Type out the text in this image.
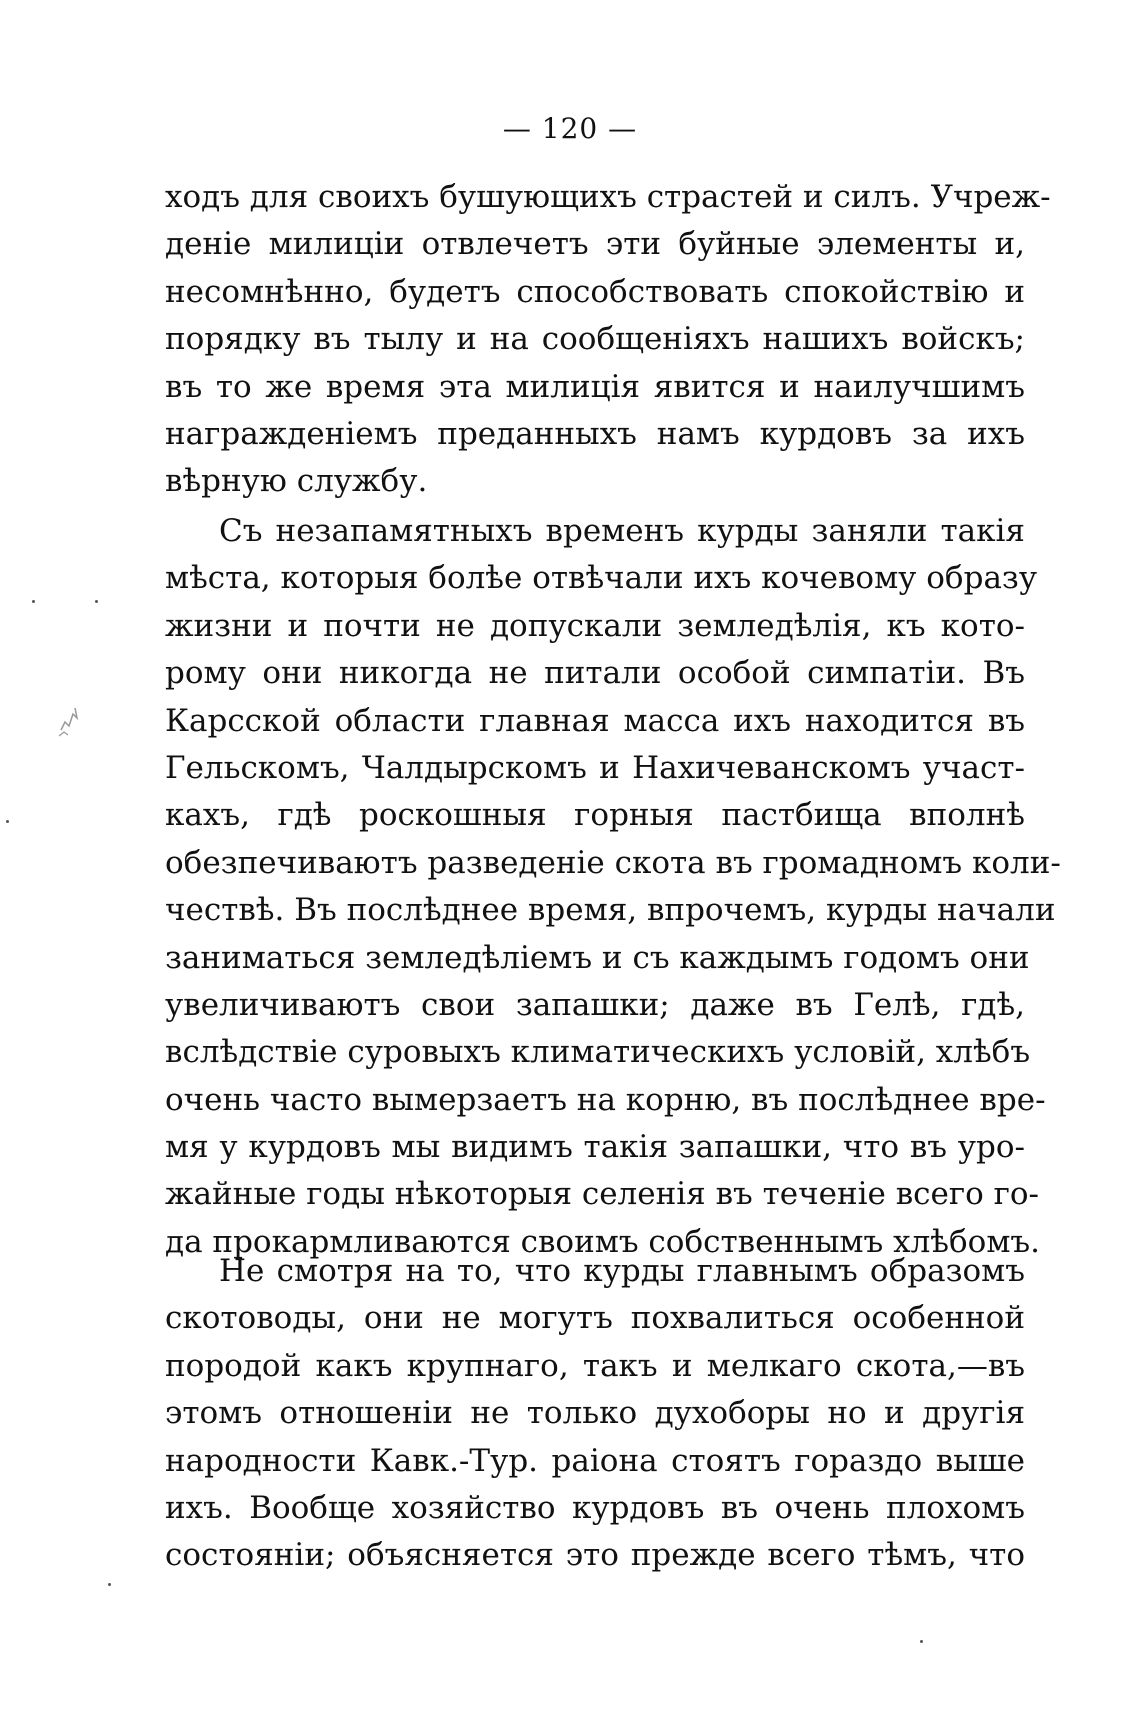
— 120 —
ходъ для своихъ бушующихъ страстей и силъ. Учреж-
деніе милиціи отвлечетъ эти буйные элементы и,
несомнѣнно, будетъ способствовать спокойствію и
порядку въ тылу и на сообщеніяхъ нашихъ войскъ;
въ то же время эта милиція явится и наилучшимъ
награжденіемъ преданныхъ намъ курдовъ за ихъ
вѣрную службу.
Съ незапамятныхъ временъ курды заняли такія
мѣста, которыя болѣе отвѣчали ихъ кочевому образу
жизни и почти не допускали земледѣлія, къ кото-
рому они никогда не питали особой симпатіи. Въ
Карсской области главная масса ихъ находится въ
Гельскомъ, Чалдырскомъ и Нахичеванскомъ участ-
кахъ, гдѣ роскошныя горныя пастбища вполнѣ
обезпечиваютъ разведеніе скота въ громадномъ коли-
чествѣ. Въ послѣднее время, впрочемъ, курды начали
заниматься земледѣліемъ и съ каждымъ годомъ они
увеличиваютъ свои запашки; даже въ Гелѣ, гдѣ,
вслѣдствіе суровыхъ климатическихъ условій, хлѣбъ
очень часто вымерзаетъ на корню, въ послѣднее вре-
мя у курдовъ мы видимъ такія запашки, что въ уро-
жайные годы нѣкоторыя селенія въ теченіе всего го-
да прокармливаются своимъ собственнымъ хлѣбомъ.
Не смотря на то, что курды главнымъ образомъ
скотоводы, они не могутъ похвалиться особенной
породой какъ крупнаго, такъ и мелкаго скота,—въ
этомъ отношеніи не только духоборы но и другія
народности Кавк.-Тур. раіона стоятъ гораздо выше
ихъ. Вообще хозяйство курдовъ въ очень плохомъ
состояніи; объясняется это прежде всего тѣмъ, что
